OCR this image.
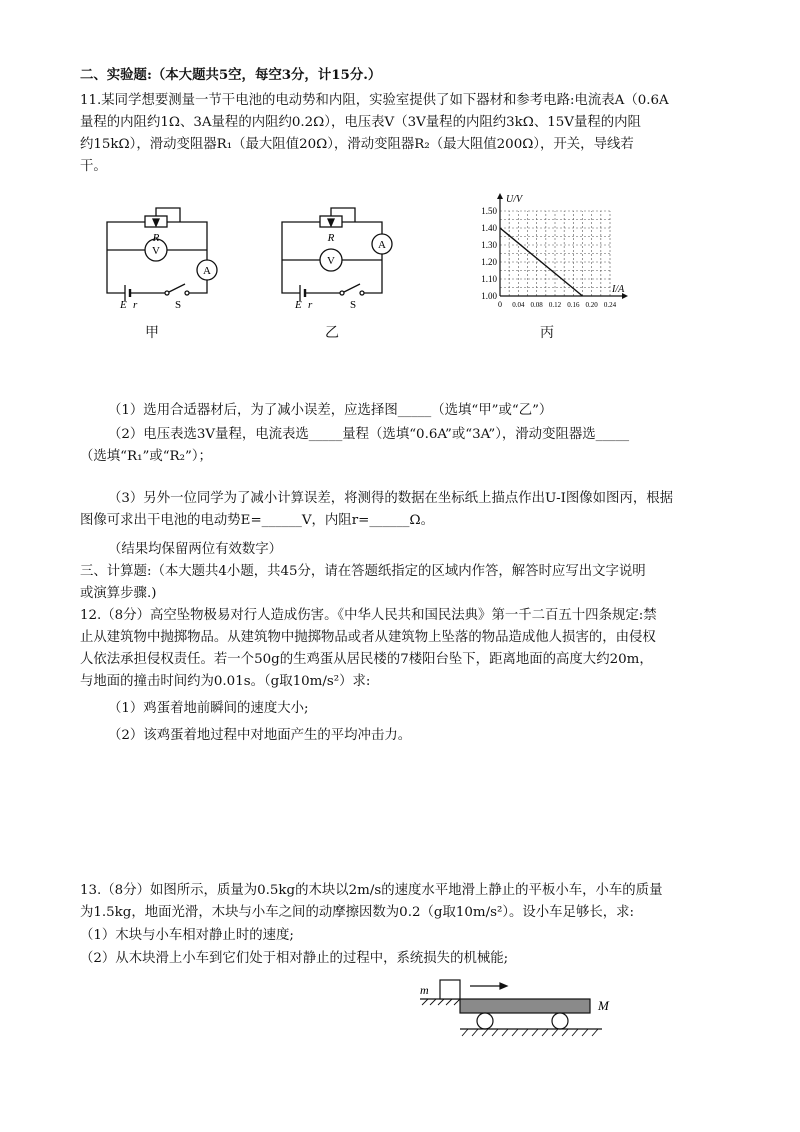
二、实验题:（本大题共5空，每空3分，计15分.）
11.某同学想要测量一节干电池的电动势和内阻，实验室提供了如下器材和参考电路:电流表A（0.6A
量程的内阻约1Ω、3A量程的内阻约0.2Ω），电压表V（3V量程的内阻约3kΩ、15V量程的内阻
约15kΩ），滑动变阻器R₁（最大阻值20Ω），滑动变阻器R₂（最大阻值200Ω），开关，导线若
干。
R
V
A
E r	S
甲
R
V
A
E r	S
乙
1.00
1.10
1.20
1.30
1.40
1.50
0.04 0.08 0.12 0.16 0.20 0.24
0
U/V
I/A
丙
（1）选用合适器材后，为了减小误差，应选择图_____（选填“甲”或“乙”）
（2）电压表选3V量程，电流表选_____量程（选填“0.6A”或“3A”），滑动变阻器选_____
（选填“R₁”或“R₂”）；
（3）另外一位同学为了减小计算误差，将测得的数据在坐标纸上描点作出U-I图像如图丙，根据
图像可求出干电池的电动势E=______V，内阻r=______Ω。
（结果均保留两位有效数字）
三、计算题:（本大题共4小题，共45分，请在答题纸指定的区域内作答，解答时应写出文字说明
或演算步骤.)
12.（8分）高空坠物极易对行人造成伤害。《中华人民共和国民法典》第一千二百五十四条规定:禁
止从建筑物中抛掷物品。从建筑物中抛掷物品或者从建筑物上坠落的物品造成他人损害的，由侵权
人依法承担侵权责任。若一个50g的生鸡蛋从居民楼的7楼阳台坠下，距离地面的高度大约20m，
与地面的撞击时间约为0.01s。（g取10m/s²）求:
（1）鸡蛋着地前瞬间的速度大小;
（2）该鸡蛋着地过程中对地面产生的平均冲击力。
13.（8分）如图所示，质量为0.5kg的木块以2m/s的速度水平地滑上静止的平板小车，小车的质量
为1.5kg，地面光滑，木块与小车之间的动摩擦因数为0.2（g取10m/s²）。设小车足够长，求:
（1）木块与小车相对静止时的速度;
（2）从木块滑上小车到它们处于相对静止的过程中，系统损失的机械能;
m
M
